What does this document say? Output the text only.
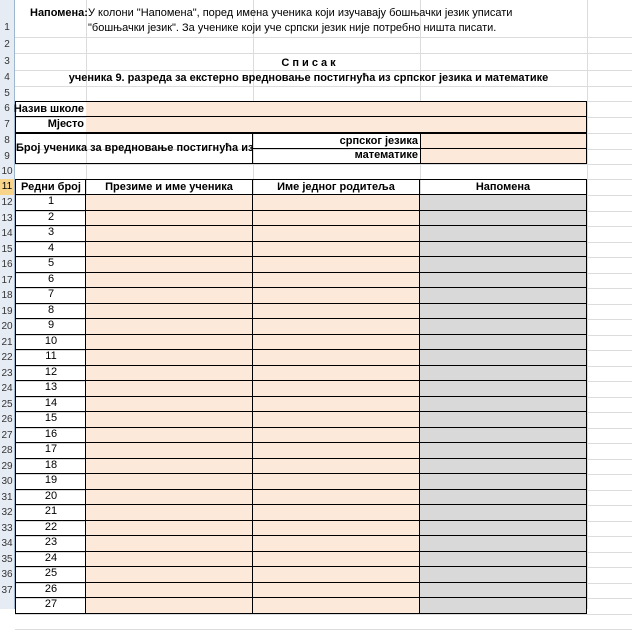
1
2
3
4
5
6
7
8
9
10
11
12
13
14
15
16
17
18
19
20
21
22
23
24
25
26
27
28
29
30
31
32
33
34
35
36
37
Напомена: У колони "Напомена", поред имена ученика који изучавају бошњачки језик уписати
"бошњачки језик". За ученике који уче српски језик није потребно ништа писати.
С п и с а к
ученика 9. разреда за екстерно вредновање постигнућа из српског језика и математике
Назив школе
Мјесто
Број ученика за вредновање постигнућа из
српског језика
математике
Редни број	Презиме и име ученика	Име једног родитеља	Напомена
1
2
3
4
5
6
7
8
9
10
11
12
13
14
15
16
17
18
19
20
21
22
23
24
25
26
27
